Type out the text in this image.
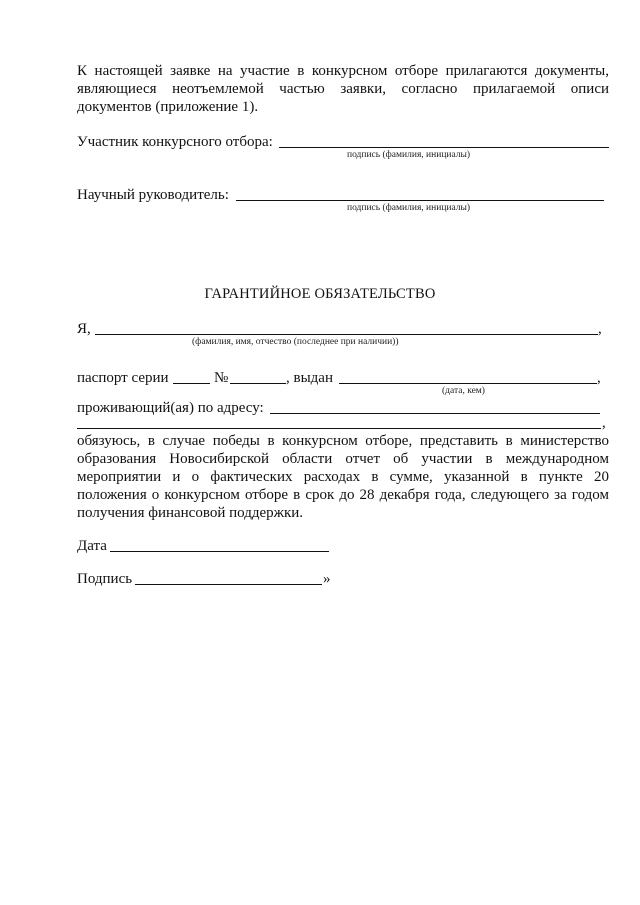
К настоящей заявке на участие в конкурсном отборе прилагаются документы,
являющиеся неотъемлемой частью заявки, согласно прилагаемой описи
документов (приложение 1).
Участник конкурсного отбора:
подпись (фамилия, инициалы)
Научный руководитель:
подпись (фамилия, инициалы)
ГАРАНТИЙНОЕ ОБЯЗАТЕЛЬСТВО
Я,	,
(фамилия, имя, отчество (последнее при наличии))
паспорт серии	№	, выдан	,
(дата, кем)
проживающий(ая) по адресу:
,
обязуюсь, в случае победы в конкурсном отборе, представить в министерство
образования Новосибирской области отчет об участии в международном
мероприятии и о фактических расходах в сумме, указанной в пункте 20
положения о конкурсном отборе в срок до 28 декабря года, следующего за годом
получения финансовой поддержки.
Дата
Подпись	»
